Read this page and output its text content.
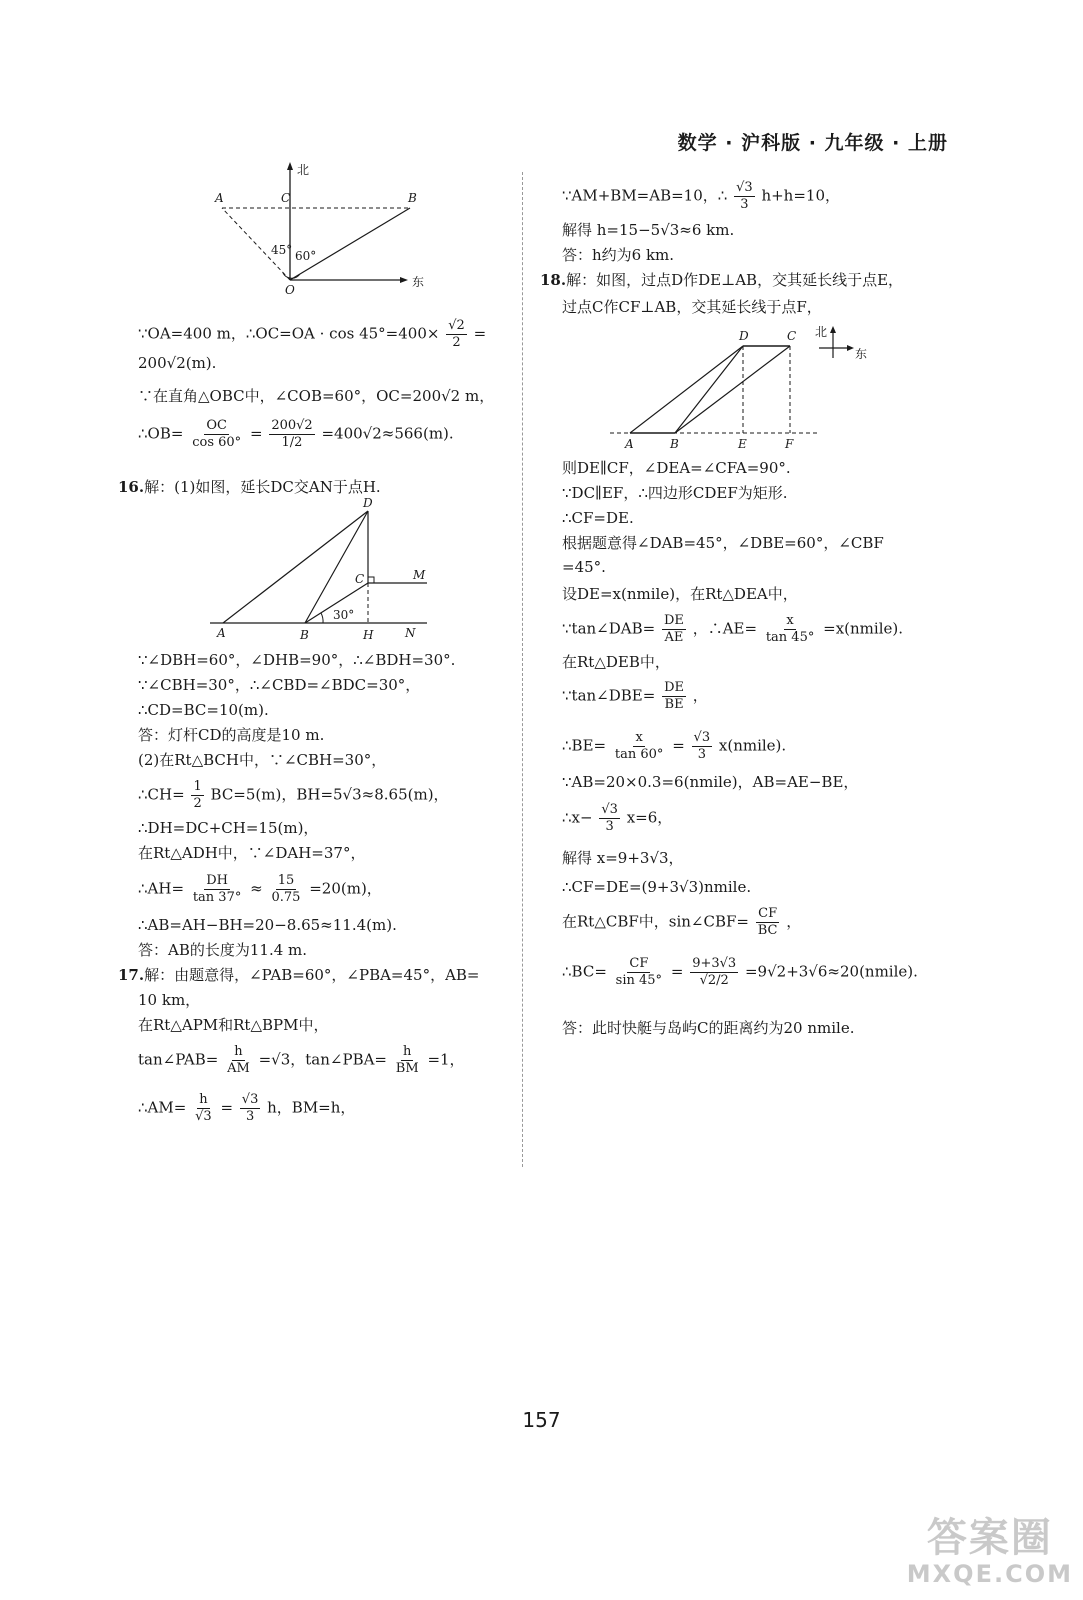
数学 · 沪科版 · 九年级 · 上册
北
东
A	B
C
O
45° 60°
∵OA=400 m，∴OC=OA · $\cos 45^\circ=400\times \frac{√2}{2}$ =
200√2(m).
∵在直角△OBC中，∠COB=60°，OC=200√2 m，
∴OB= $\frac{OC}{\cos 60^\circ} = \frac{200√2}{1/2} =400√2\approx 566(m)$.
16.解：(1)如图，延长DC交AN于点H.
D
C	M
A	B	H	N
30°
∵∠DBH=60°，∠DHB=90°，∴∠BDH=30°.
∵∠CBH=30°，∴∠CBD=∠BDC=30°，
∴CD=BC=10(m).
答：灯杆CD的高度是10 m.
(2)在Rt△BCH中，∵∠CBH=30°，
∴CH= $\frac{1}{2} BC=5(m)$，BH=5√3≈8.65(m)，
∴DH=DC+CH=15(m)，
在Rt△ADH中，∵∠DAH=37°，
∴AH= $\frac{DH}{\tan 37^\circ} \approx \frac{15}{0.75} =20(m)$，
∴AB=AH−BH=20−8.65≈11.4(m).
答：AB的长度为11.4 m.
17.解：由题意得，∠PAB=60°，∠PBA=45°，AB=
10 km，
在Rt△APM和Rt△BPM中，
tan∠PAB= $\frac{h}{AM} =√3$，tan∠PBA= $\frac{h}{BM} =1$，
∴AM= $\frac{h}{√3} = \frac{√3}{3}$ h，BM=h，
∵AM+BM=AB=10，∴ $\frac{√3}{3} h+h=10$，
解得 h=15−5√3≈6 km.
答：h约为6 km.
18.解：如图，过点D作DE⊥AB，交其延长线于点E，
过点C作CF⊥AB，交其延长线于点F，
D	C
A	B	E	F
北
东
则DE∥CF，∠DEA=∠CFA=90°.
∵DC∥EF，∴四边形CDEF为矩形.
∴CF=DE.
根据题意得∠DAB=45°，∠DBE=60°，∠CBF
=45°.
设DE=x(nmile)，在Rt△DEA中，
∵tan∠DAB= $\frac{DE}{AE}$ ，∴AE= $\frac{x}{\tan 45^\circ}$ =x(nmile).
在Rt△DEB中，
∵tan∠DBE= $\frac{DE}{BE}$ ，
∴BE= $\frac{x}{\tan 60^\circ} = \frac{√3}{3}$ x(nmile).
∵AB=20×0.3=6(nmile)，AB=AE−BE，
∴x− $\frac{√3}{3} x=6$，
解得 x=9+3√3，
∴CF=DE=(9+3√3)nmile.
在Rt△CBF中，sin∠CBF= $\frac{CF}{BC}$ ，
∴BC= $\frac{CF}{\sin 45^\circ} = \frac{9+3√3}{√2/2}$ =9√2+3√6≈20(nmile).
答：此时快艇与岛屿C的距离约为20 nmile.
157
答案圈
MXQE.COM
